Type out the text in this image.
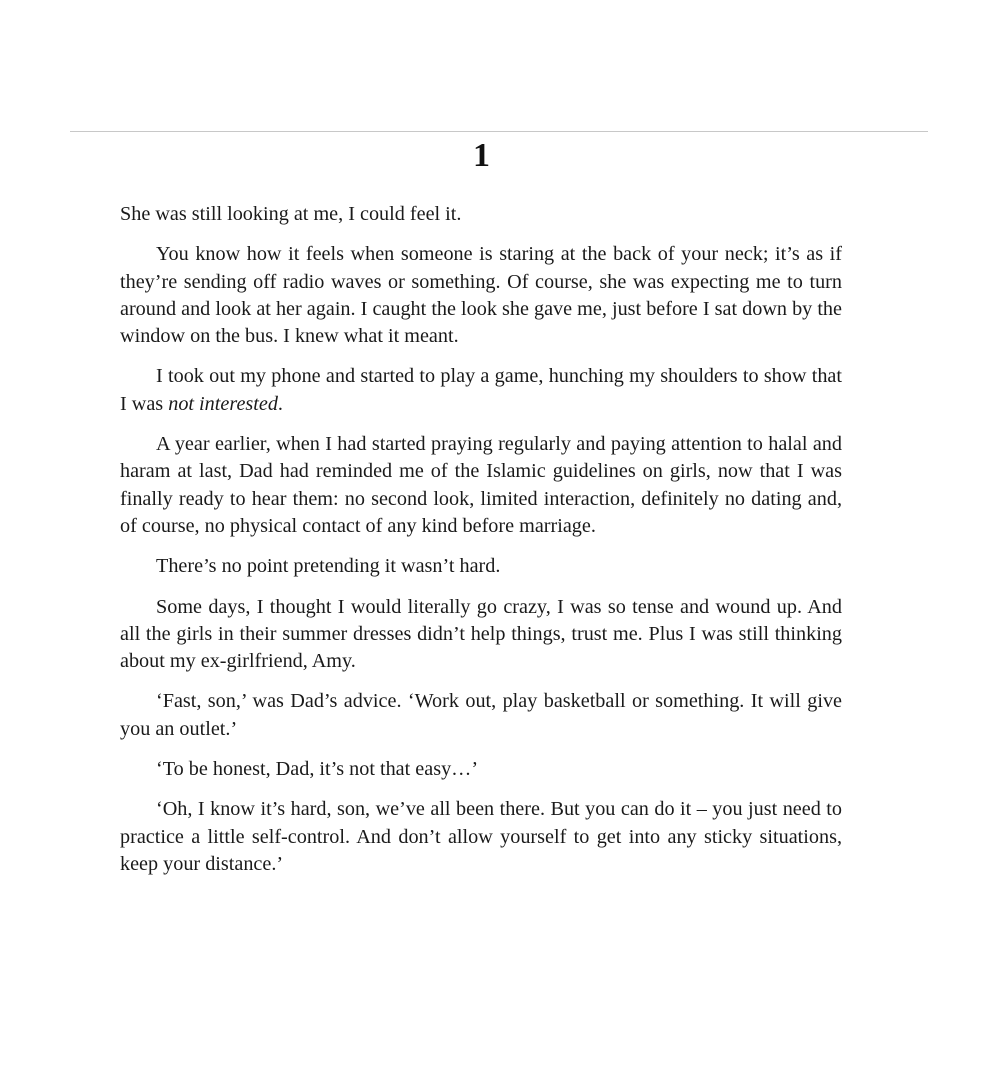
1

She was still looking at me, I could feel it.

You know how it feels when someone is staring at the back of your neck; it’s as if they’re sending off radio waves or something. Of course, she was expecting me to turn around and look at her again. I caught the look she gave me, just before I sat down by the window on the bus. I knew what it meant.

I took out my phone and started to play a game, hunching my shoulders to show that I was not interested.

A year earlier, when I had started praying regularly and paying attention to halal and haram at last, Dad had reminded me of the Islamic guidelines on girls, now that I was finally ready to hear them: no second look, limited interaction, definitely no dating and, of course, no physical contact of any kind before marriage.

There’s no point pretending it wasn’t hard.

Some days, I thought I would literally go crazy, I was so tense and wound up. And all the girls in their summer dresses didn’t help things, trust me. Plus I was still thinking about my ex-girlfriend, Amy.

‘Fast, son,’ was Dad’s advice. ‘Work out, play basketball or something. It will give you an outlet.’

‘To be honest, Dad, it’s not that easy…’

‘Oh, I know it’s hard, son, we’ve all been there. But you can do it – you just need to practice a little self-control. And don’t allow yourself to get into any sticky situations, keep your distance.’
